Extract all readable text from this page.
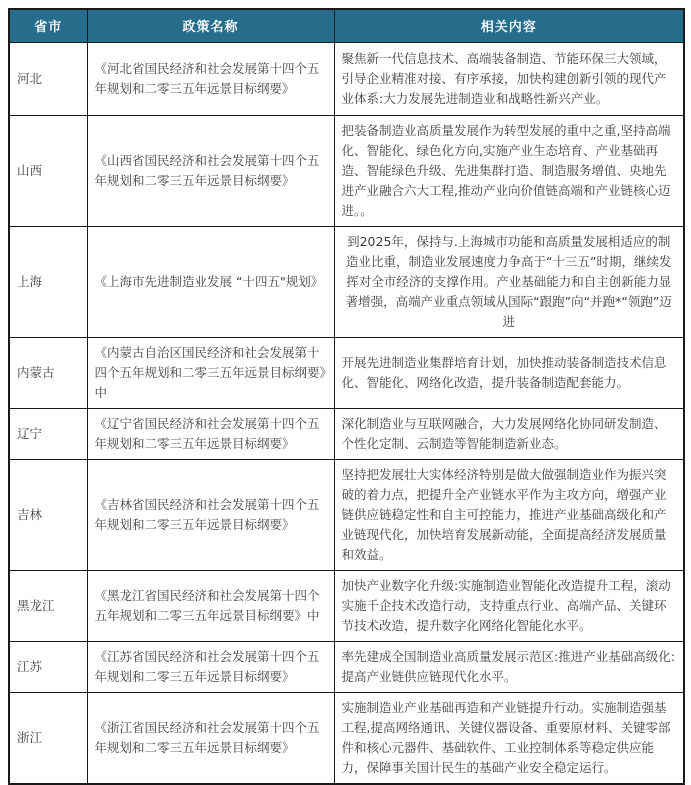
省市	政策名称	相关内容
河北	《河北省国民经济和社会发展第十四个五年规划和二零三五年远景目标纲要》	聚焦新一代信息技术、高端装备制造、节能环保三大领域，引导企业精准对接、有序承接，加快构建创新引领的现代产业体系:大力发展先进制造业和战略性新兴产业。
山西	《山西省国民经济和社会发展第十四个五年规划和二零三五年远景目标纲要》	把装备制造业高质量发展作为转型发展的重中之重,坚持高端化、智能化、绿色化方向,实施产业生态培育、产业基础再造、智能绿色升级、先进集群打造、制造服务增值、央地先进产业融合六大工程,推动产业向价值链高端和产业链核心迈进。。
上海	《上海市先进制造业发展 “十四五"规划》	到2025年，保持与.上海城市功能和高质量发展相适应的制造业比重，制造业发展速度力争高于“十三五”时期，继续发挥对全市经济的支撑作用。产业基础能力和自主创新能力显著增强，高端产业重点领域从国际“跟跑”向“并跑*“领跑”迈进
内蒙古	《内蒙古自治区国民经济和社会发展第十四个五年规划和二零三五年远景目标纲要》中	开展先进制造业集群培育计划，加快推动装备制造技术信息化、智能化、网络化改造，提升装备制造配套能力。
辽宁	《辽宁省国民经济和社会发展第十四个五年规划和二零三五年远景目标纲要》	深化制造业与互联网融合，大力发展网络化协同研发制造、个性化定制、云制造等智能制造新业态。
吉林	《吉林省国民经济和社会发展第十四个五年规划和二零三五年远景目标纲要》	坚持把发展壮大实体经济特别是做大做强制造业作为振兴突破的着力点，把提升全产业链水平作为主攻方向，增强产业链供应链稳定性和自主可控能力，推进产业基础高级化和产业链现代化，加快培育发展新动能，全面提高经济发展质量和效益。
黑龙江	《黑龙江省国民经济和社会发展第十四个五年规划和二零三五年远景目标纲要》中	加快产业数字化升级:实施制造业智能化改造提升工程，滚动实施千企技术改造行动，支持重点行业、高端产品、关键环节技术改造，提升数字化网络化智能化水平。
江苏	《江苏省国民经济和社会发展第十四个五年规划和二零三五年远景目标纲要》	率先建成全国制造业高质量发展示范区:推进产业基础高级化:提高产业链供应链现代化水平。
浙江	《浙江省国民经济和社会发展第十四个五年规划和二零三五年远景目标纲要》	实施制造业产业基础再造和产业链提升行动。实施制造强基工程,提高网络通讯、关键仪器设备、重要原材料、关键零部件和核心元器件、基础软件、工业控制体系等稳定供应能力，保障事关国计民生的基础产业安全稳定运行。
